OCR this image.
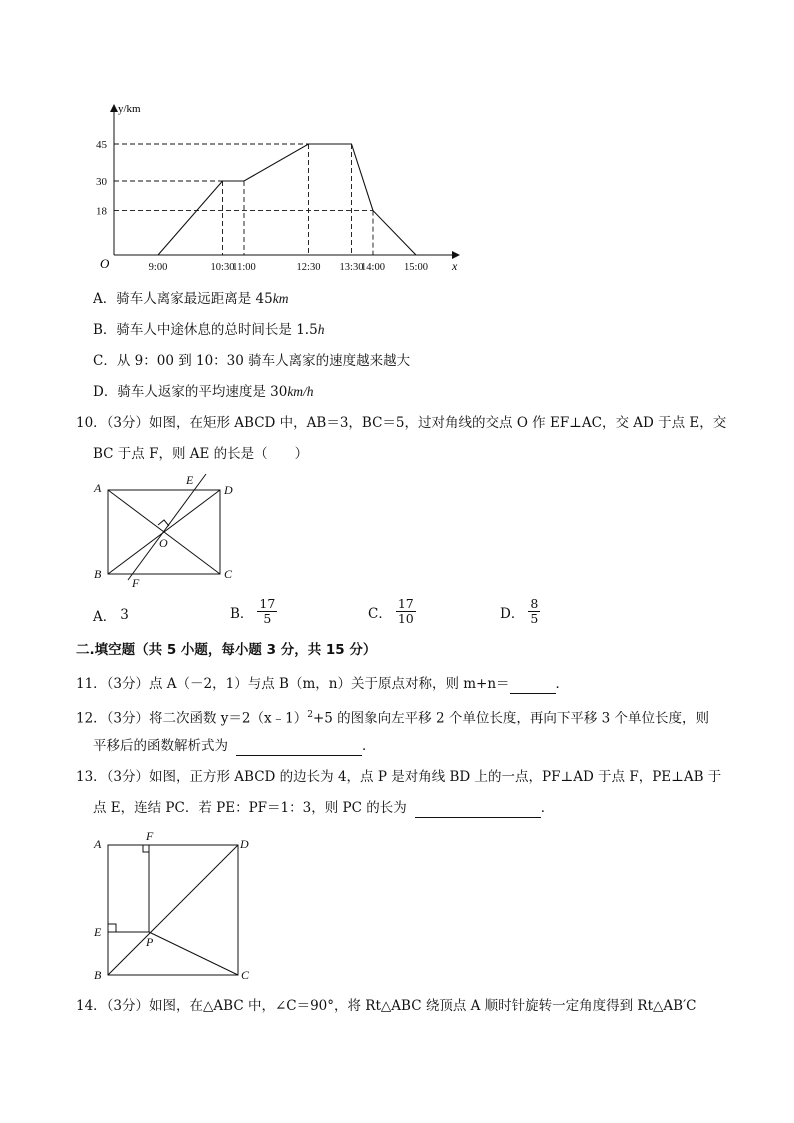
45
30
18
9:00	10:30
11:00	12:30 13:30
14:00 15:00
y/km
x
O
A．骑车人离家最远距离是 45km
B．骑车人中途休息的总时间长是 1.5h
C．从 9：00 到 10：30 骑车人离家的速度越来越大
D．骑车人返家的平均速度是 30km/h
10．（3分）如图，在矩形 ABCD 中，AB＝3，BC＝5，过对角线的交点 O 作 EF⊥AC，交 AD 于点 E，交
BC 于点 F，则 AE 的长是（　　）
A
B	C
D
E
F
O
A． 3	B． $\frac{17}{5}$	C． $\frac{17}{10}$	D． $\frac{8}{5}$
二.填空题（共 5 小题，每小题 3 分，共 15 分）
11．（3分）点 A（－2，1）与点 B（m，n）关于原点对称，则 m+n＝	．
12．（3分）将二次函数 y＝2（x﹣1）$^2$+5 的图象向左平移 2 个单位长度，再向下平移 3 个单位长度，则
平移后的函数解析式为	．
13．（3分）如图，正方形 ABCD 的边长为 4，点 P 是对角线 BD 上的一点，PF⊥AD 于点 F，PE⊥AB 于
点 E，连结 PC．若 PE：PF＝1：3，则 PC 的长为	．
A
B	C
D
E
F
P
14．（3分）如图，在△ABC 中，∠C＝90°，将 Rt△ABC 绕顶点 A 顺时针旋转一定角度得到 Rt△AB′C
